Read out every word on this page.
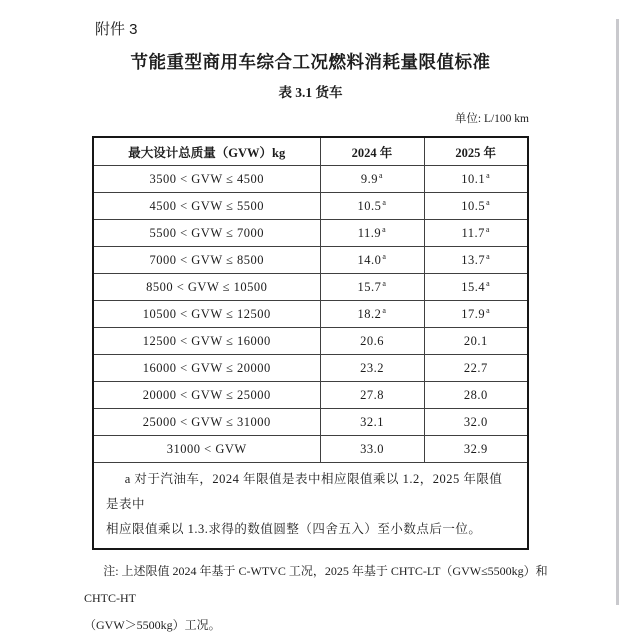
附件 3
节能重型商用车综合工况燃料消耗量限值标准
表 3.1 货车
单位: L/100 km
最大设计总质量（GVW）kg	2024 年	2025 年
3500 < GVW ≤ 4500	9.9$^a$	10.1$^a$
4500 < GVW ≤ 5500	10.5$^a$	10.5$^a$
5500 < GVW ≤ 7000	11.9$^a$	11.7$^a$
7000 < GVW ≤ 8500	14.0$^a$	13.7$^a$
8500 < GVW ≤ 10500	15.7$^a$	15.4$^a$
10500 < GVW ≤ 12500	18.2$^a$	17.9$^a$
12500 < GVW ≤ 16000	20.6	20.1
16000 < GVW ≤ 20000	23.2	22.7
20000 < GVW ≤ 25000	27.8	28.0
25000 < GVW ≤ 31000	32.1	32.0
31000 < GVW	33.0	32.9

a 对于汽油车，2024 年限值是表中相应限值乘以 1.2，2025 年限值是表中
相应限值乘以 1.3.求得的数值圆整（四舍五入）至小数点后一位。		
注: 上述限值 2024 年基于 C-WTVC 工况，2025 年基于 CHTC-LT（GVW≤5500kg）和 CHTC-HT
（GVW＞5500kg）工况。
